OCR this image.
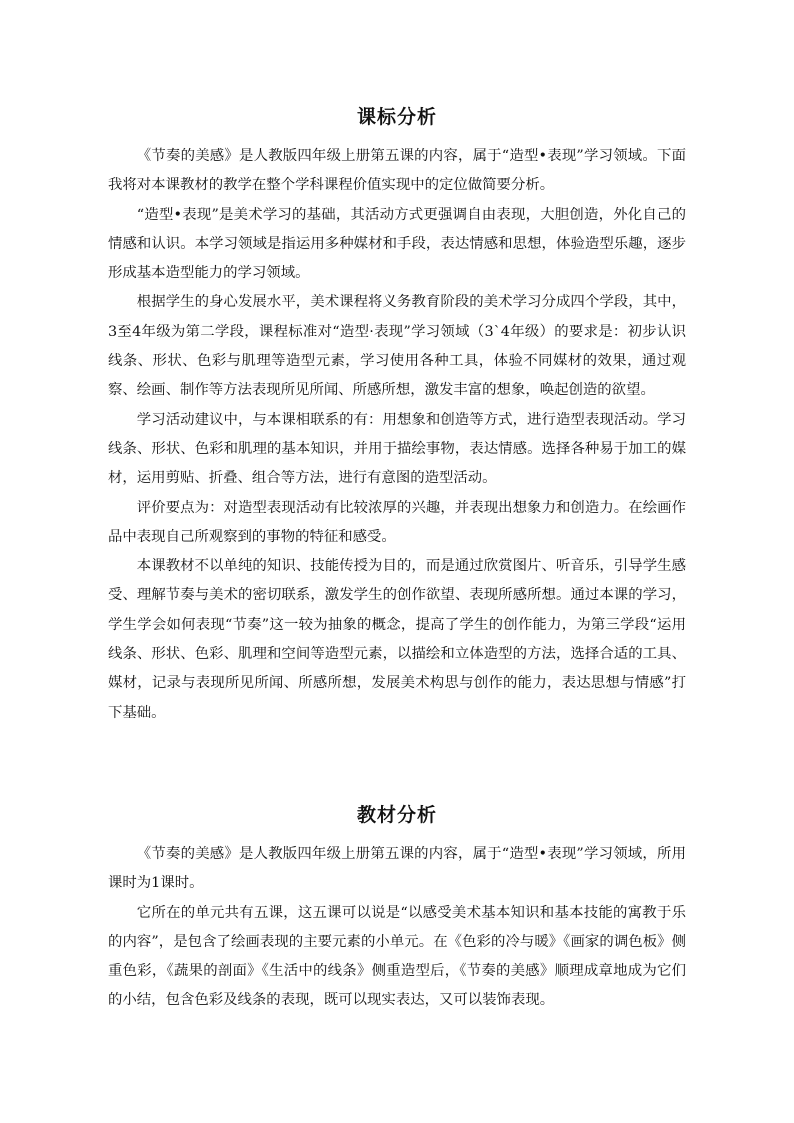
课标分析

《节奏的美感》是人教版四年级上册第五课的内容，属于“造型•表现”学习领域。下面我将对本课教材的教学在整个学科课程价值实现中的定位做简要分析。

“造型•表现”是美术学习的基础，其活动方式更强调自由表现，大胆创造，外化自己的情感和认识。本学习领域是指运用多种媒材和手段，表达情感和思想，体验造型乐趣，逐步形成基本造型能力的学习领域。

根据学生的身心发展水平，美术课程将义务教育阶段的美术学习分成四个学段，其中，3至4年级为第二学段，课程标准对“造型·表现”学习领域（3`4年级）的要求是：初步认识线条、形状、色彩与肌理等造型元素，学习使用各种工具，体验不同媒材的效果，通过观察、绘画、制作等方法表现所见所闻、所感所想，激发丰富的想象，唤起创造的欲望。

学习活动建议中，与本课相联系的有：用想象和创造等方式，进行造型表现活动。学习线条、形状、色彩和肌理的基本知识，并用于描绘事物，表达情感。选择各种易于加工的媒材，运用剪贴、折叠、组合等方法，进行有意图的造型活动。

评价要点为：对造型表现活动有比较浓厚的兴趣，并表现出想象力和创造力。在绘画作品中表现自己所观察到的事物的特征和感受。

本课教材不以单纯的知识、技能传授为目的，而是通过欣赏图片、听音乐，引导学生感受、理解节奏与美术的密切联系，激发学生的创作欲望、表现所感所想。通过本课的学习，学生学会如何表现“节奏”这一较为抽象的概念，提高了学生的创作能力，为第三学段“运用线条、形状、色彩、肌理和空间等造型元素，以描绘和立体造型的方法，选择合适的工具、媒材，记录与表现所见所闻、所感所想，发展美术构思与创作的能力，表达思想与情感”打下基础。

教材分析

《节奏的美感》是人教版四年级上册第五课的内容，属于“造型•表现”学习领域，所用课时为1课时。

它所在的单元共有五课，这五课可以说是“以感受美术基本知识和基本技能的寓教于乐的内容”，是包含了绘画表现的主要元素的小单元。在《色彩的冷与暖》《画家的调色板》侧重色彩，《蔬果的剖面》《生活中的线条》侧重造型后，《节奏的美感》顺理成章地成为它们的小结，包含色彩及线条的表现，既可以现实表达，又可以装饰表现。
